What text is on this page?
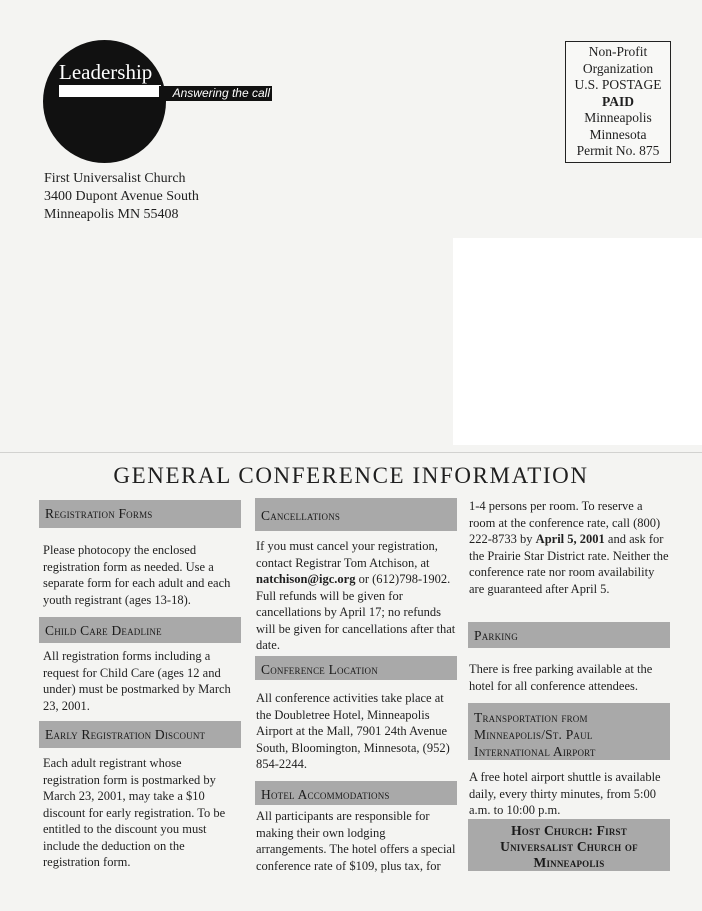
Leadership
Answering the call
First Universalist Church
3400 Dupont Avenue South
Minneapolis MN 55408
Non-Profit
Organization
U.S. POSTAGE
PAID
Minneapolis
Minnesota
Permit No. 875
GENERAL CONFERENCE INFORMATION
Registration Forms
Please photocopy the enclosed registration form as needed. Use a separate form for each adult and each youth registrant (ages 13-18).
Child Care Deadline
All registration forms including a request for Child Care (ages 12 and under) must be postmarked by March 23, 2001.
Early Registration Discount
Each adult registrant whose registration form is postmarked by March 23, 2001, may take a $10 discount for early registration. To be entitled to the discount you must include the deduction on the registration form.
Cancellations
If you must cancel your registration, contact Registrar Tom Atchison, at natchison@igc.org or (612)798-1902. Full refunds will be given for cancellations by April 17; no refunds will be given for cancellations after that date.
Conference Location
All conference activities take place at the Doubletree Hotel, Minneapolis Airport at the Mall, 7901 24th Avenue South, Bloomington, Minnesota, (952) 854-2244.
Hotel Accommodations
All participants are responsible for making their own lodging arrangements. The hotel offers a special conference rate of $109, plus tax, for
1-4 persons per room. To reserve a room at the conference rate, call (800) 222-8733 by April 5, 2001 and ask for the Prairie Star District rate. Neither the conference rate nor room availability are guaranteed after April 5.
Parking
There is free parking available at the hotel for all conference attendees.
Transportation from Minneapolis/St. Paul International Airport
A free hotel airport shuttle is available daily, every thirty minutes, from 5:00 a.m. to 10:00 p.m.
Host Church: First Universalist Church of Minneapolis
